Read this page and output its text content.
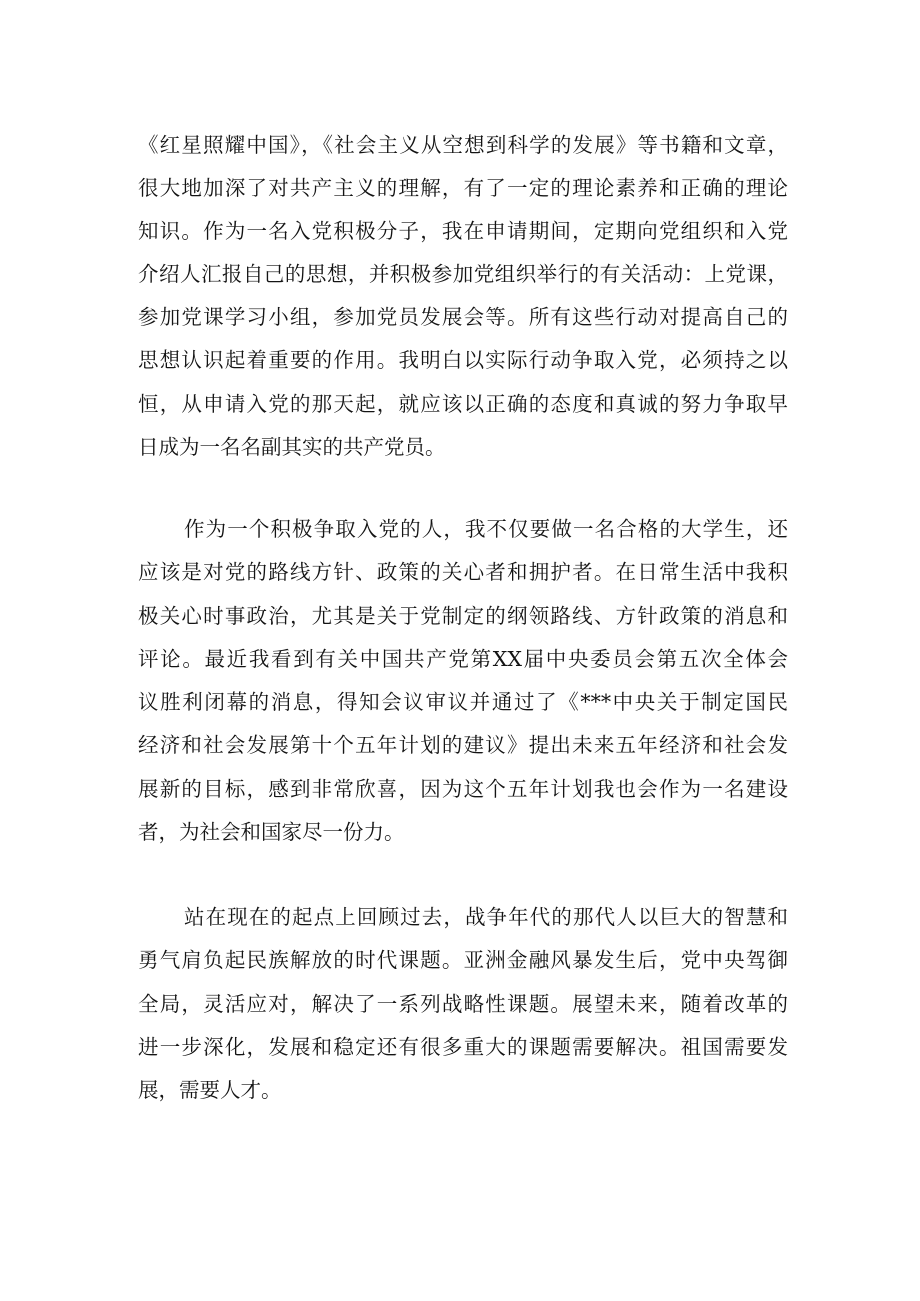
《红星照耀中国》，《社会主义从空想到科学的发展》等书籍和文章，
很大地加深了对共产主义的理解，有了一定的理论素养和正确的理论
知识。作为一名入党积极分子，我在申请期间，定期向党组织和入党
介绍人汇报自己的思想，并积极参加党组织举行的有关活动：上党课，
参加党课学习小组，参加党员发展会等。所有这些行动对提高自己的
思想认识起着重要的作用。我明白以实际行动争取入党，必须持之以
恒，从申请入党的那天起，就应该以正确的态度和真诚的努力争取早
日成为一名名副其实的共产党员。
作为一个积极争取入党的人，我不仅要做一名合格的大学生，还
应该是对党的路线方针、政策的关心者和拥护者。在日常生活中我积
极关心时事政治，尤其是关于党制定的纲领路线、方针政策的消息和
评论。最近我看到有关中国共产党第XX届中央委员会第五次全体会
议胜利闭幕的消息，得知会议审议并通过了《***中央关于制定国民
经济和社会发展第十个五年计划的建议》提出未来五年经济和社会发
展新的目标，感到非常欣喜，因为这个五年计划我也会作为一名建设
者，为社会和国家尽一份力。
站在现在的起点上回顾过去，战争年代的那代人以巨大的智慧和
勇气肩负起民族解放的时代课题。亚洲金融风暴发生后，党中央驾御
全局，灵活应对，解决了一系列战略性课题。展望未来，随着改革的
进一步深化，发展和稳定还有很多重大的课题需要解决。祖国需要发
展，需要人才。
